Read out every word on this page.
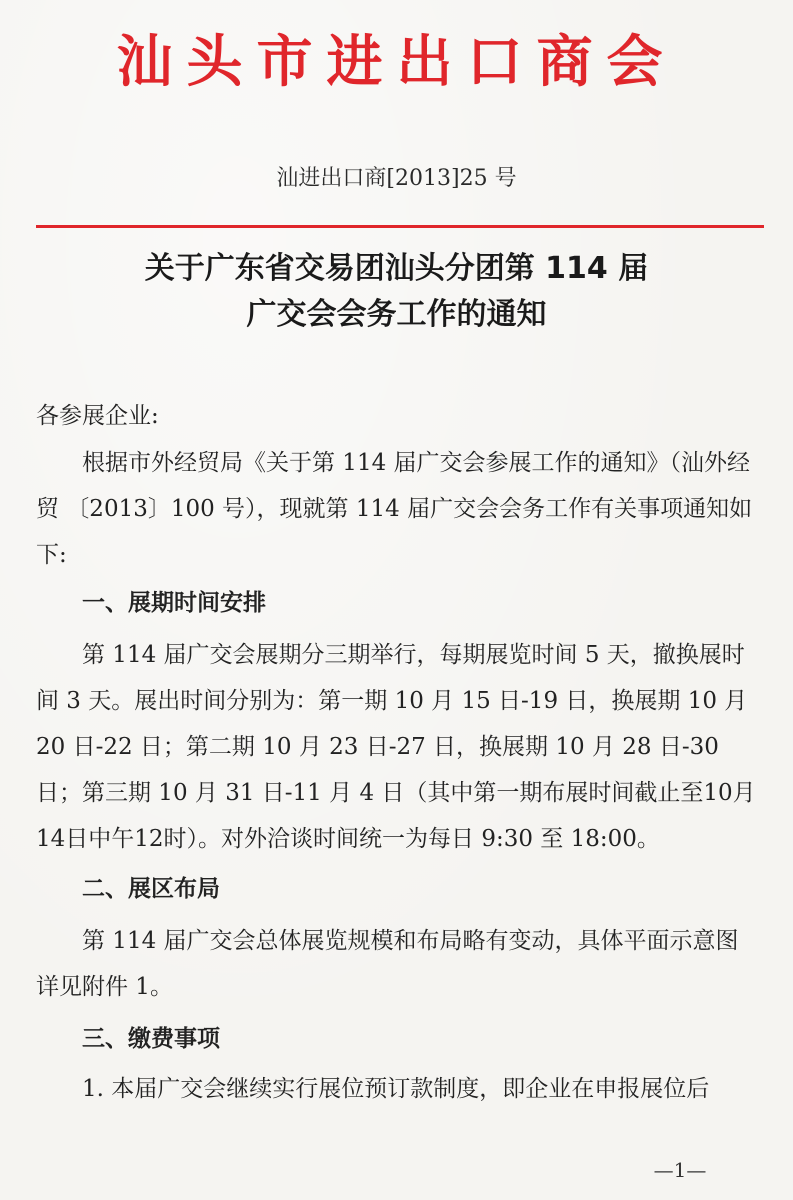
汕头市进出口商会
汕进出口商[2013]25 号
关于广东省交易团汕头分团第 114 届
广交会会务工作的通知
各参展企业:

根据市外经贸局《关于第 114 届广交会参展工作的通知》（汕外经贸 〔2013〕100 号），现就第 114 届广交会会务工作有关事项通知如下:

一、展期时间安排

第 114 届广交会展期分三期举行，每期展览时间 5 天，撤换展时间 3 天。展出时间分别为：第一期 10 月 15 日-19 日，换展期 10 月 20 日-22 日；第二期 10 月 23 日-27 日，换展期 10 月 28 日-30 日；第三期 10 月 31 日-11 月 4 日（其中第一期布展时间截止至10月14日中午12时）。对外洽谈时间统一为每日 9:30 至 18:00。

二、展区布局

第 114 届广交会总体展览规模和布局略有变动，具体平面示意图详见附件 1。

三、缴费事项

1. 本届广交会继续实行展位预订款制度，即企业在申报展位后

—1—
